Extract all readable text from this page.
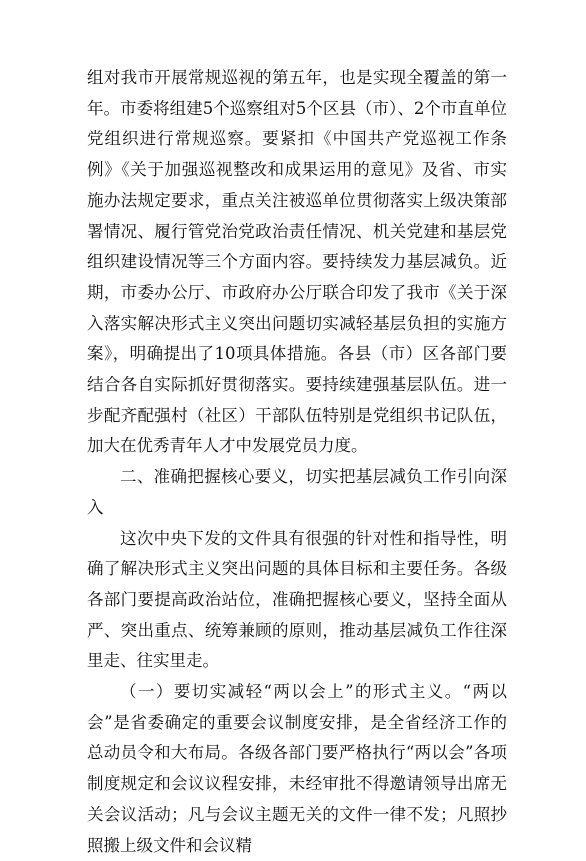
组对我市开展常规巡视的第五年，也是实现全覆盖的第一年。市委将组建5个巡察组对5个区县（市）、2个市直单位党组织进行常规巡察。要紧扣《中国共产党巡视工作条例》《关于加强巡视整改和成果运用的意见》及省、市实施办法规定要求，重点关注被巡单位贯彻落实上级决策部署情况、履行管党治党政治责任情况、机关党建和基层党组织建设情况等三个方面内容。要持续发力基层减负。近期，市委办公厅、市政府办公厅联合印发了我市《关于深入落实解决形式主义突出问题切实减轻基层负担的实施方案》，明确提出了10项具体措施。各县（市）区各部门要结合各自实际抓好贯彻落实。要持续建强基层队伍。进一步配齐配强村（社区）干部队伍特别是党组织书记队伍，加大在优秀青年人才中发展党员力度。

二、准确把握核心要义，切实把基层减负工作引向深入

这次中央下发的文件具有很强的针对性和指导性，明确了解决形式主义突出问题的具体目标和主要任务。各级各部门要提高政治站位，准确把握核心要义，坚持全面从严、突出重点、统筹兼顾的原则，推动基层减负工作往深里走、往实里走。

（一）要切实减轻“两以会上”的形式主义。“两以会”是省委确定的重要会议制度安排，是全省经济工作的总动员令和大布局。各级各部门要严格执行“两以会”各项制度规定和会议议程安排，未经审批不得邀请领导出席无关会议活动；凡与会议主题无关的文件一律不发；凡照抄照搬上级文件和会议精
